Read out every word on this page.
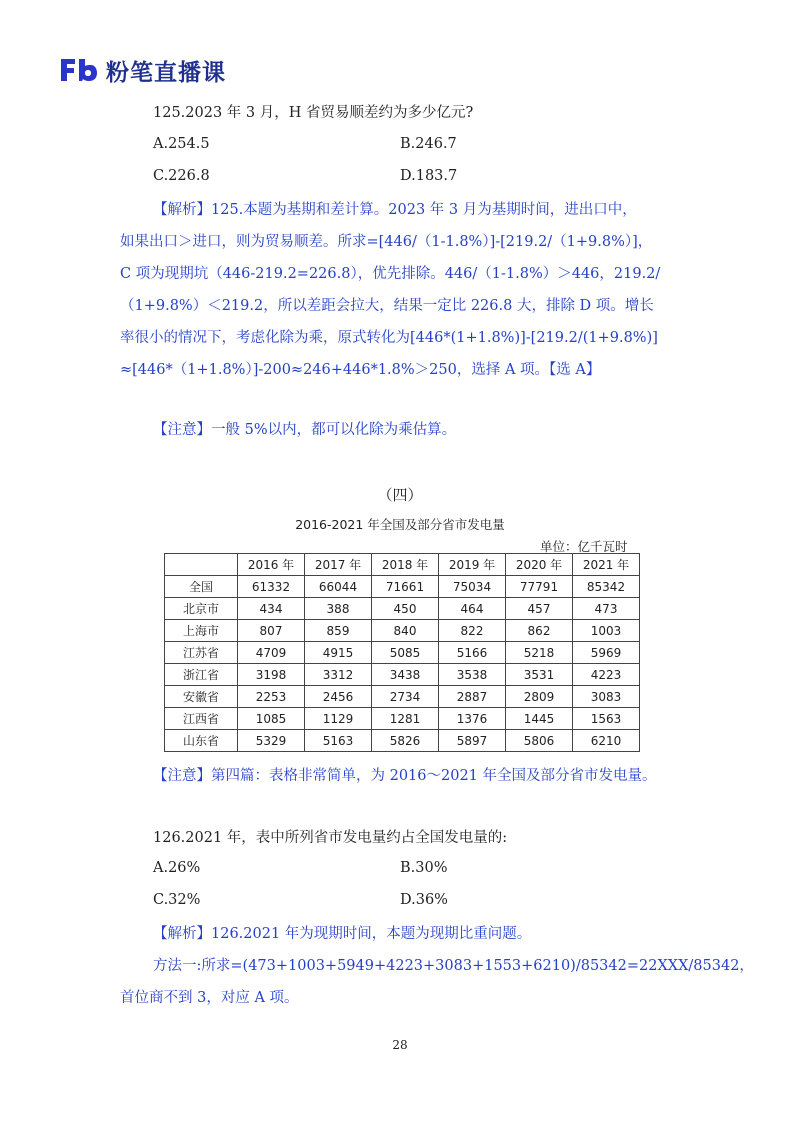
粉笔直播课
125.2023 年 3 月，H 省贸易顺差约为多少亿元?
A.254.5	B.246.7
C.226.8	D.183.7
【解析】125.本题为基期和差计算。2023 年 3 月为基期时间，进出口中，
如果出口＞进口，则为贸易顺差。所求=[446/（1-1.8%）]-[219.2/（1+9.8%）]，
C 项为现期坑（446-219.2=226.8），优先排除。446/（1-1.8%）＞446，219.2/
（1+9.8%）＜219.2，所以差距会拉大，结果一定比 226.8 大，排除 D 项。增长
率很小的情况下，考虑化除为乘，原式转化为[446*(1+1.8%)]-[219.2/(1+9.8%)]
≈[446*（1+1.8%）]-200≈246+446*1.8%＞250，选择 A 项。【选 A】
【注意】一般 5%以内，都可以化除为乘估算。
（四）
2016-2021 年全国及部分省市发电量
单位：亿千瓦时
	2016 年	2017 年	2018 年	2019 年	2020 年	2021 年
全国	61332	66044	71661	75034	77791	85342
北京市	434	388	450	464	457	473
上海市	807	859	840	822	862	1003
江苏省	4709	4915	5085	5166	5218	5969
浙江省	3198	3312	3438	3538	3531	4223
安徽省	2253	2456	2734	2887	2809	3083
江西省	1085	1129	1281	1376	1445	1563
山东省	5329	5163	5826	5897	5806	6210
【注意】第四篇：表格非常简单，为 2016～2021 年全国及部分省市发电量。
126.2021 年，表中所列省市发电量约占全国发电量的:
A.26%	B.30%
C.32%	D.36%
【解析】126.2021 年为现期时间，本题为现期比重问题。
方法一:所求=(473+1003+5949+4223+3083+1553+6210)/85342=22XXX/85342，
首位商不到 3，对应 A 项。
28
